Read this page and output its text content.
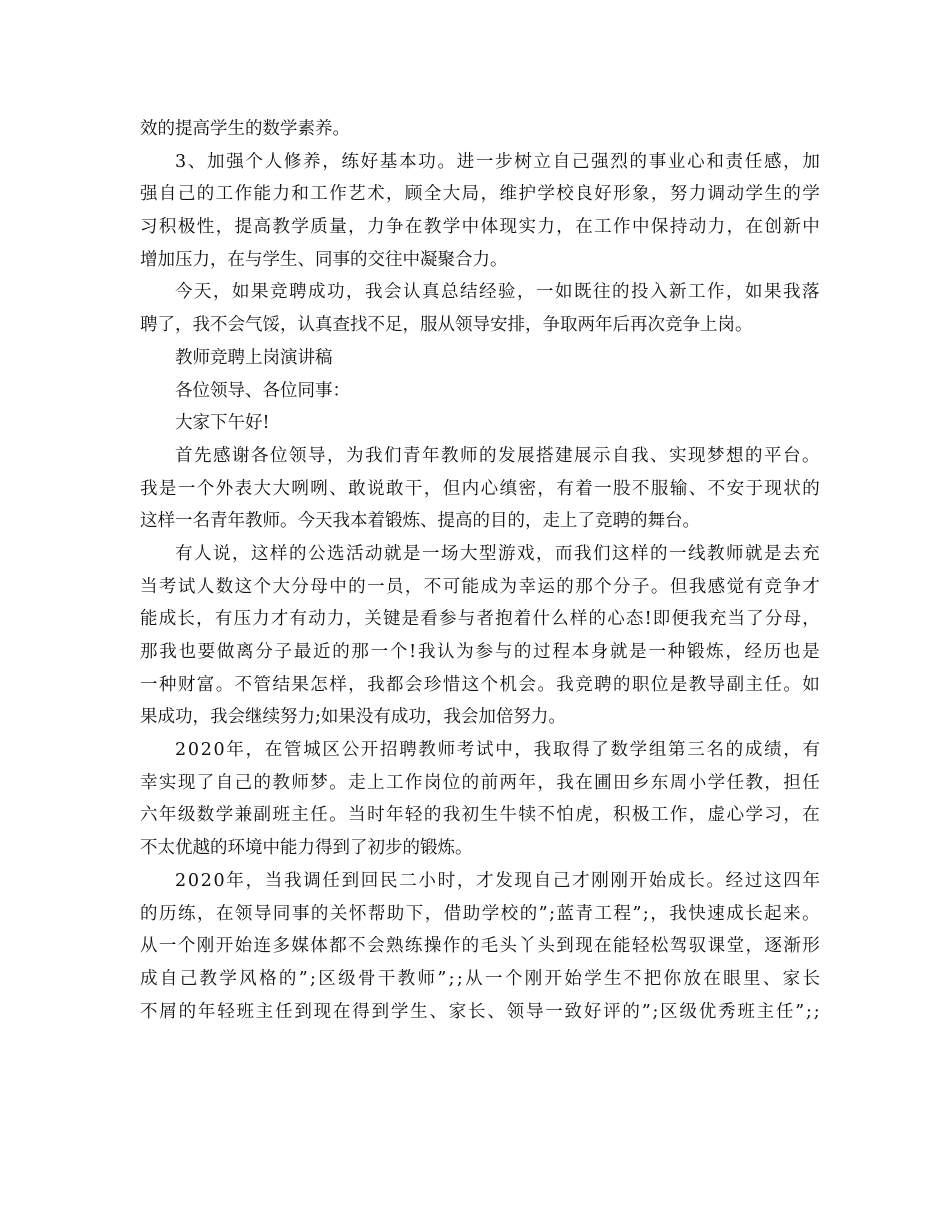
效的提高学生的数学素养。
3 、 加 强 个 人 修 养 ， 练 好 基 本 功 。 进 一 步 树 立 自 己 强 烈 的 事 业 心 和 责 任 感 ， 加
强 自 己 的 工 作 能 力 和 工 作 艺 术 ， 顾 全 大 局 ， 维 护 学 校 良 好 形 象 ， 努 力 调 动 学 生 的 学
习 积 极 性 ， 提 高 教 学 质 量 ， 力 争 在 教 学 中 体 现 实 力 ， 在 工 作 中 保 持 动 力 ， 在 创 新 中
增加压力，在与学生、同事的交往中凝聚合力。
今 天 ， 如 果 竞 聘 成 功 ， 我 会 认 真 总 结 经 验 ， 一 如 既 往 的 投 入 新 工 作 ， 如 果 我 落
聘了，我不会气馁，认真查找不足，服从领导安排，争取两年后再次竞争上岗。
教师竞聘上岗演讲稿
各位领导、各位同事：
大家下午好!
首 先 感 谢 各 位 领 导 ， 为 我 们 青 年 教 师 的 发 展 搭 建 展 示 自 我 、 实 现 梦 想 的 平 台 。
我 是 一 个 外 表 大 大 咧 咧 、 敢 说 敢 干 ， 但 内 心 缜 密 ， 有 着 一 股 不 服 输 、 不 安 于 现 状 的
这样一名青年教师。今天我本着锻炼、提高的目的，走上了竞聘的舞台。
有 人 说 ， 这 样 的 公 选 活 动 就 是 一 场 大 型 游 戏 ， 而 我 们 这 样 的 一 线 教 师 就 是 去 充
当 考 试 人 数 这 个 大 分 母 中 的 一 员 ， 不 可 能 成 为 幸 运 的 那 个 分 子 。 但 我 感 觉 有 竞 争 才
能 成 长 ， 有 压 力 才 有 动 力 ， 关 键 是 看 参 与 者 抱 着 什 么 样 的 心 态 ! 即 便 我 充 当 了 分 母 ，
那 我 也 要 做 离 分 子 最 近 的 那 一 个 ! 我 认 为 参 与 的 过 程 本 身 就 是 一 种 锻 炼 ， 经 历 也 是
一 种 财 富 。 不 管 结 果 怎 样 ， 我 都 会 珍 惜 这 个 机 会 。 我 竞 聘 的 职 位 是 教 导 副 主 任 。 如
果成功，我会继续努力;如果没有成功，我会加倍努力。
2 0 2 0 年 ， 在 管 城 区 公 开 招 聘 教 师 考 试 中 ， 我 取 得 了 数 学 组 第 三 名 的 成 绩 ， 有
幸 实 现 了 自 己 的 教 师 梦 。 走 上 工 作 岗 位 的 前 两 年 ， 我 在 圃 田 乡 东 周 小 学 任 教 ， 担 任
六 年 级 数 学 兼 副 班 主 任 。 当 时 年 轻 的 我 初 生 牛 犊 不 怕 虎 ， 积 极 工 作 ， 虚 心 学 习 ， 在
不太优越的环境中能力得到了初步的锻炼。
2 0 2 0 年 ， 当 我 调 任 到 回 民 二 小 时 ， 才 发 现 自 己 才 刚 刚 开 始 成 长 。 经 过 这 四 年
的 历 练 ， 在 领 导 同 事 的 关 怀 帮 助 下 ， 借 助 学 校 的 ” ; 蓝 青 工 程 ” ; ， 我 快 速 成 长 起 来 。
从 一 个 刚 开 始 连 多 媒 体 都 不 会 熟 练 操 作 的 毛 头 丫 头 到 现 在 能 轻 松 驾 驭 课 堂 ， 逐 渐 形
成 自 己 教 学 风 格 的 ” ; 区 级 骨 干 教 师 ” ; ; 从 一 个 刚 开 始 学 生 不 把 你 放 在 眼 里 、 家 长
不 屑 的 年 轻 班 主 任 到 现 在 得 到 学 生 、 家 长 、 领 导 一 致 好 评 的 ” ; 区 级 优 秀 班 主 任 ” ; ;
